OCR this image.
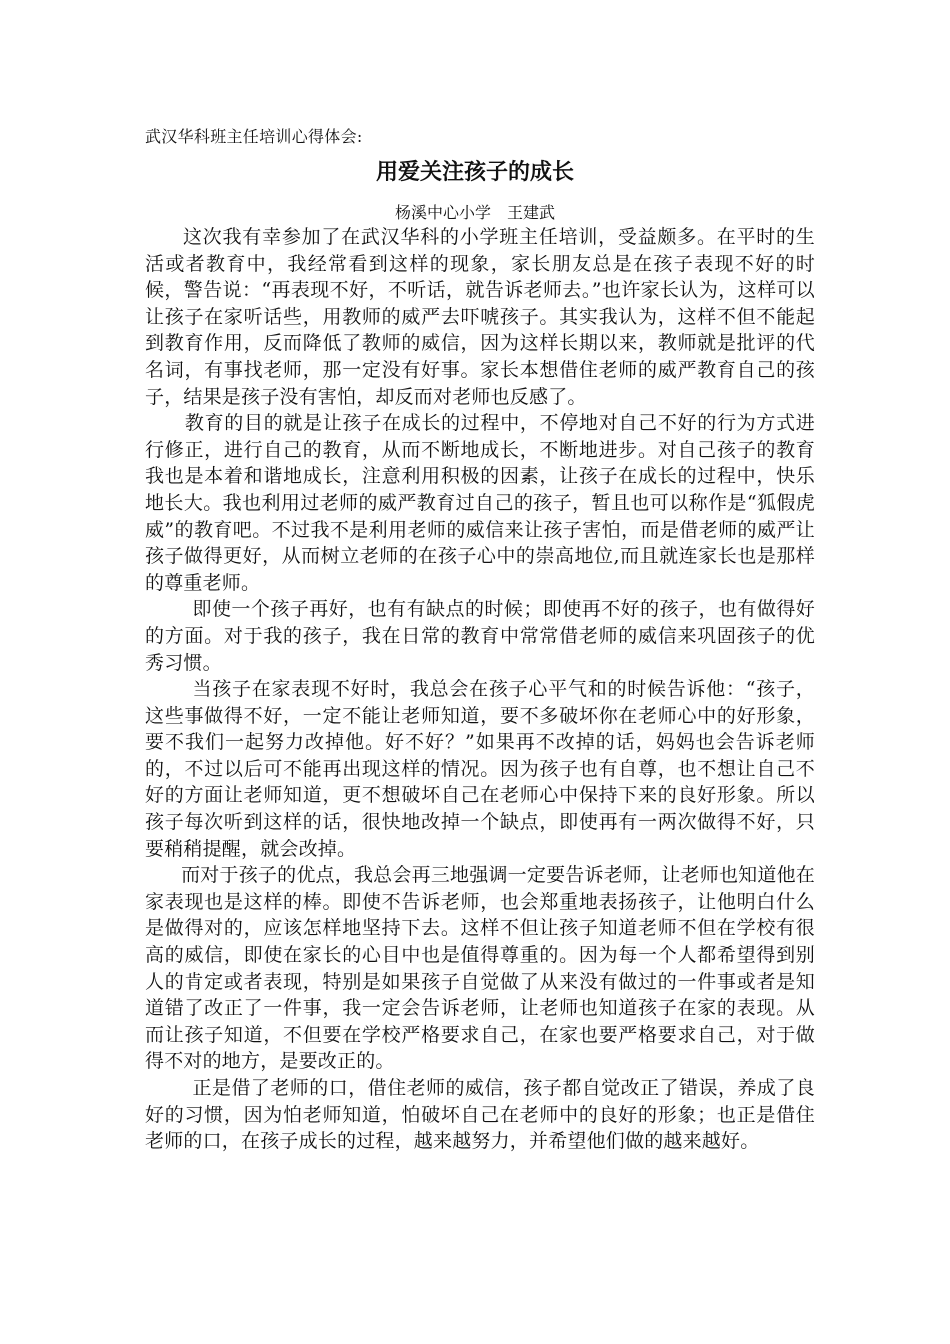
武汉华科班主任培训心得体会:
用爱关注孩子的成长
杨溪中心小学　王建武

这次我有幸参加了在武汉华科的小学班主任培训，受益颇多。在平时的生活或者教育中，我经常看到这样的现象，家长朋友总是在孩子表现不好的时候，警告说：“再表现不好，不听话，就告诉老师去。”也许家长认为，这样可以让孩子在家听话些，用教师的威严去吓唬孩子。其实我认为，这样不但不能起到教育作用，反而降低了教师的威信，因为这样长期以来，教师就是批评的代名词，有事找老师，那一定没有好事。家长本想借住老师的威严教育自己的孩子，结果是孩子没有害怕，却反而对老师也反感了。

教育的目的就是让孩子在成长的过程中，不停地对自己不好的行为方式进行修正，进行自己的教育，从而不断地成长，不断地进步。对自己孩子的教育我也是本着和谐地成长，注意利用积极的因素，让孩子在成长的过程中，快乐地长大。我也利用过老师的威严教育过自己的孩子，暂且也可以称作是“狐假虎威”的教育吧。不过我不是利用老师的威信来让孩子害怕，而是借老师的威严让孩子做得更好，从而树立老师的在孩子心中的崇高地位,而且就连家长也是那样的尊重老师。

即使一个孩子再好，也有有缺点的时候；即使再不好的孩子，也有做得好的方面。对于我的孩子，我在日常的教育中常常借老师的威信来巩固孩子的优秀习惯。

当孩子在家表现不好时，我总会在孩子心平气和的时候告诉他：“孩子，这些事做得不好，一定不能让老师知道，要不多破坏你在老师心中的好形象，要不我们一起努力改掉他。好不好？”如果再不改掉的话，妈妈也会告诉老师的，不过以后可不能再出现这样的情况。因为孩子也有自尊，也不想让自己不好的方面让老师知道，更不想破坏自己在老师心中保持下来的良好形象。所以孩子每次听到这样的话，很快地改掉一个缺点，即使再有一两次做得不好，只要稍稍提醒，就会改掉。

而对于孩子的优点，我总会再三地强调一定要告诉老师，让老师也知道他在家表现也是这样的棒。即使不告诉老师，也会郑重地表扬孩子，让他明白什么是做得对的，应该怎样地坚持下去。这样不但让孩子知道老师不但在学校有很高的威信，即使在家长的心目中也是值得尊重的。因为每一个人都希望得到别人的肯定或者表现，特别是如果孩子自觉做了从来没有做过的一件事或者是知道错了改正了一件事，我一定会告诉老师，让老师也知道孩子在家的表现。从而让孩子知道，不但要在学校严格要求自己，在家也要严格要求自己，对于做得不对的地方，是要改正的。

正是借了老师的口，借住老师的威信，孩子都自觉改正了错误，养成了良好的习惯，因为怕老师知道，怕破坏自己在老师中的良好的形象；也正是借住老师的口，在孩子成长的过程，越来越努力，并希望他们做的越来越好。
